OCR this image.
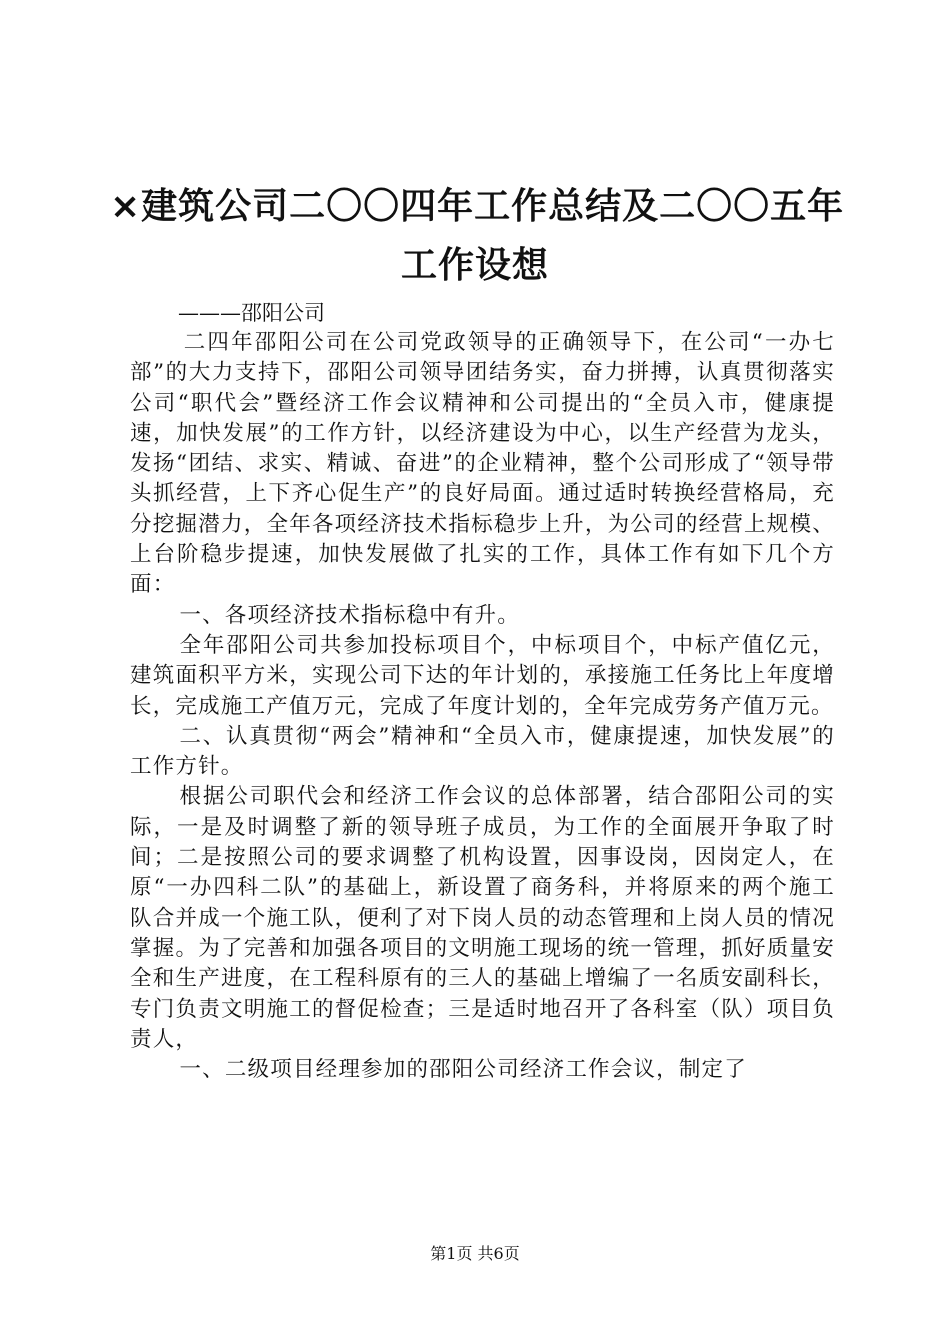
×建筑公司二〇〇四年工作总结及二〇〇五年
工作设想

———邵阳公司

二四年邵阳公司在公司党政领导的正确领导下，在公司“一办七部”的大力支持下，邵阳公司领导团结务实，奋力拼搏，认真贯彻落实公司“职代会”暨经济工作会议精神和公司提出的“全员入市，健康提速，加快发展”的工作方针，以经济建设为中心，以生产经营为龙头，发扬“团结、求实、精诚、奋进”的企业精神，整个公司形成了“领导带头抓经营，上下齐心促生产”的良好局面。通过适时转换经营格局，充分挖掘潜力，全年各项经济技术指标稳步上升，为公司的经营上规模、上台阶稳步提速，加快发展做了扎实的工作，具体工作有如下几个方面：

一、各项经济技术指标稳中有升。

全年邵阳公司共参加投标项目个，中标项目个，中标产值亿元，建筑面积平方米，实现公司下达的年计划的，承接施工任务比上年度增长，完成施工产值万元，完成了年度计划的，全年完成劳务产值万元。

二、认真贯彻“两会”精神和“全员入市，健康提速，加快发展”的工作方针。

根据公司职代会和经济工作会议的总体部署，结合邵阳公司的实际，一是及时调整了新的领导班子成员，为工作的全面展开争取了时间；二是按照公司的要求调整了机构设置，因事设岗，因岗定人，在原“一办四科二队”的基础上，新设置了商务科，并将原来的两个施工队合并成一个施工队，便利了对下岗人员的动态管理和上岗人员的情况掌握。为了完善和加强各项目的文明施工现场的统一管理，抓好质量安全和生产进度，在工程科原有的三人的基础上增编了一名质安副科长，专门负责文明施工的督促检查；三是适时地召开了各科室（队）项目负责人，

一、二级项目经理参加的邵阳公司经济工作会议，制定了

第1页 共6页
